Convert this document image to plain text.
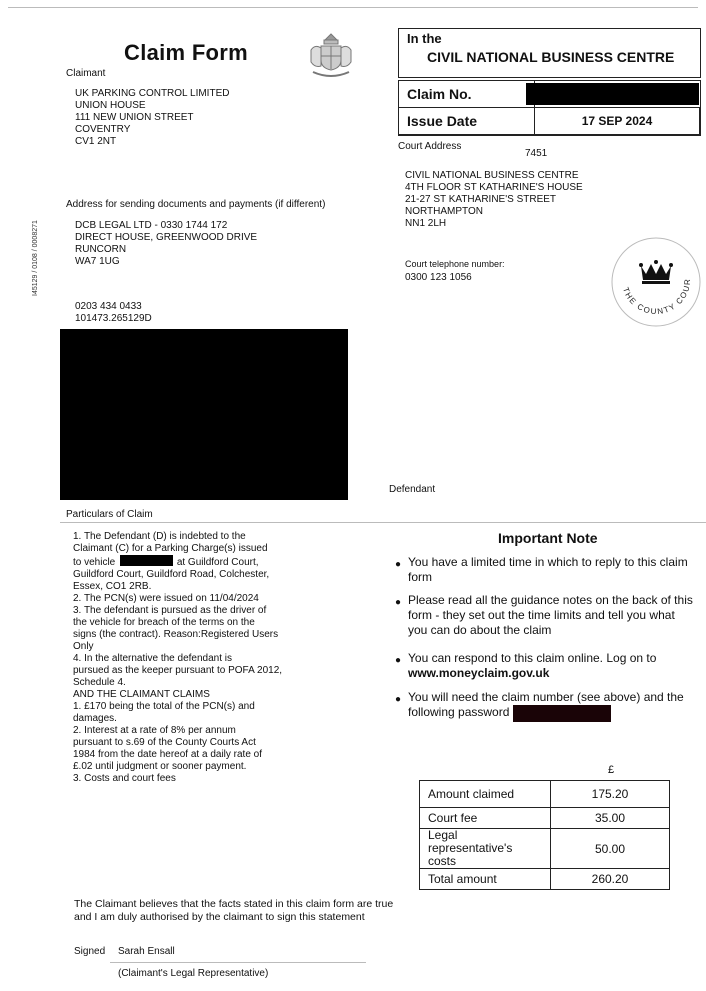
Claim Form
Claimant
UK PARKING CONTROL LIMITED
UNION HOUSE
111 NEW UNION STREET
COVENTRY
CV1 2NT
Address for sending documents and payments (if different)
DCB LEGAL LTD - 0330 1744 172
DIRECT HOUSE, GREENWOOD DRIVE
RUNCORN
WA7 1UG
0203 434 0433
101473.265129D
I45129 / 0108 / 0008271
In the
CIVIL NATIONAL BUSINESS CENTRE
Claim No.
Issue Date	17 SEP 2024
Court Address
7451
CIVIL NATIONAL BUSINESS CENTRE
4TH FLOOR ST KATHARINE'S HOUSE
21-27 ST KATHARINE'S STREET
NORTHAMPTON
NN1 2LH
Court telephone number:
0300 123 1056
THE COUNTY COUR
Defendant
Particulars of Claim
1. The Defendant (D) is indebted to the
Claimant (C) for a Parking Charge(s) issued
to vehicle	at Guildford Court,
Guildford Court, Guildford Road, Colchester,
Essex, CO1 2RB.
2. The PCN(s) were issued on 11/04/2024
3. The defendant is pursued as the driver of
the vehicle for breach of the terms on the
signs (the contract). Reason:Registered Users
Only
4. In the alternative the defendant is
pursued as the keeper pursuant to POFA 2012,
Schedule 4.
AND THE CLAIMANT CLAIMS
1. £170 being the total of the PCN(s) and
damages.
2. Interest at a rate of 8% per annum
pursuant to s.69 of the County Courts Act
1984 from the date hereof at a daily rate of
£.02 until judgment or sooner payment.
3. Costs and court fees
Important Note
● You have a limited time in which to reply to this claim form
● Please read all the guidance notes on the back of this form - they set out the time limits and tell you what you can do about the claim
● You can respond to this claim online. Log on to
www.moneyclaim.gov.uk
● You will need the claim number (see above) and the following password
£
Amount claimed	175.20
Court fee	35.00
Legal representative's costs	50.00
Total amount	260.20
The Claimant believes that the facts stated in this claim form are true and I am duly authorised by the claimant to sign this statement
Signed Sarah Ensall
(Claimant's Legal Representative)
